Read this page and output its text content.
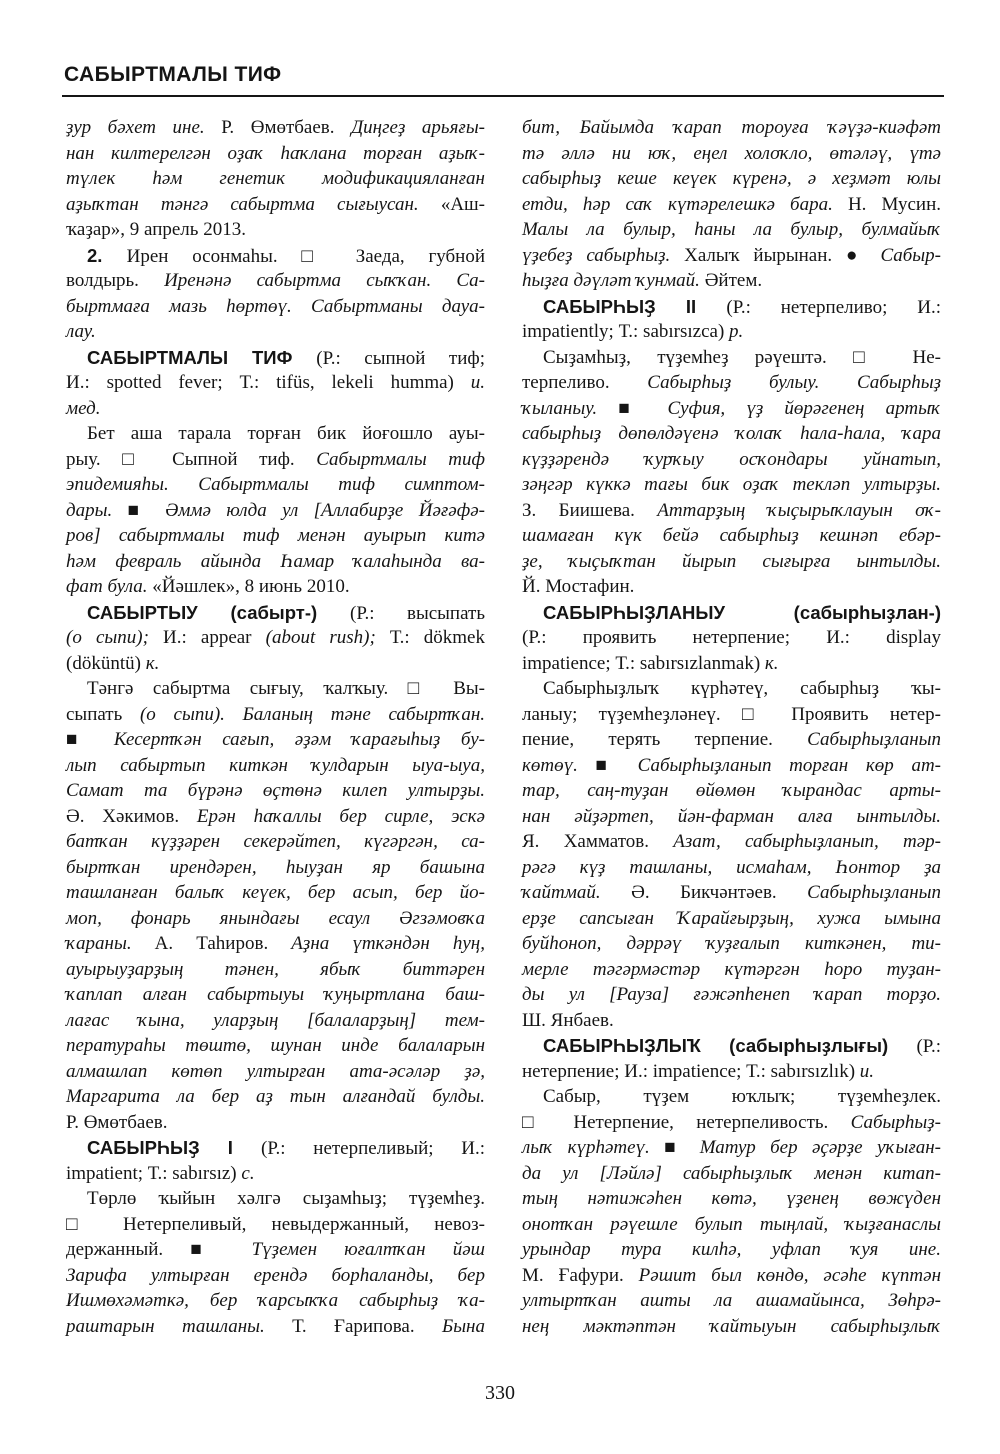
САБЫРТМАЛЫ ТИФ
ҙур бәхет ине. Р. Өмөтбаев. Диңгеҙ арьяғы-
нан килтерелгән оҙаҡ һаҡлана торған аҙыҡ-
түлек һәм генетик модификацияланған
аҙыҡтан тәнгә сабыртма сығыусан. «Аш-
ҡаҙар», 9 апрель 2013.
2. Ирен осонмаһы. □ Заеда, губной
волдырь. Иренәнә сабыртма сыҡҡан. Са-
быртмаға мазь һөртөү. Сабыртманы дауа-
лау.
САБЫРТМАЛЫ ТИФ (Р.: сыпной тиф;
И.: spotted fever; Т.: tifüs, lekeli humma) и.
мед.
Бет аша тарала торған бик йоғошло ауы-
рыу. □ Сыпной тиф. Сабыртмалы тиф
эпидемияһы. Сабыртмалы тиф симптом-
дары. ■ Әммә юлда ул [Аллабирҙе Йәғәфә-
ров] сабыртмалы тиф менән ауырып китә
һәм февраль айында Һамар ҡалаһында ва-
фат була. «Йәшлек», 8 июнь 2010.
САБЫРТЫУ (сабырт-) (Р.: высыпать
(о сыпи); И.: appear (about rush); Т.: dökmek
(döküntü) к.
Тәнгә сабыртма сығыу, ҡалҡыу. □ Вы-
сыпать (о сыпи). Баланың тәне сабыртҡан.
■ Кесертҡән сағып, әҙәм ҡарағыһыҙ бу-
лып сабыртып киткән ҡулдарын ыуа-ыуа,
Самат та бүрәнә өҫтөнә килеп ултырҙы.
Ә. Хәкимов. Ерән һаҡаллы бер сирле, эскә
батҡан күҙҙәрен секерәйтеп, күгәргән, са-
быртҡан ирендәрен, һыуҙан яр башына
ташланған балыҡ кеүек, бер асып, бер йо-
моп, фонарь янындағы есаул Әгзәмовҡа
ҡараны. А. Таһиров. Аҙна үткәндән һуң,
ауырыуҙарҙың тәнен, ябыҡ биттәрен
ҡаплап алған сабыртыуы ҡуңыртлана баш-
лағас ҡына, уларҙың [балаларҙың] тем-
ператураһы төштө, шунан инде балаларын
алмашлап көтөп ултырған ата-әсәләр ҙә,
Маргарита ла бер аҙ тын алғандай булды.
Р. Өмөтбаев.
САБЫРҺЫҘ I (Р.: нетерпеливый; И.:
impatient; Т.: sabırsız) с.
Төрлө ҡыйын хәлгә сыҙамһыҙ; түҙемһеҙ.
□ Нетерпеливый, невыдержанный, невоз-
держанный. ■ Түҙемен юғалтҡан йәш
Зарифа ултырған ерендә борһаланды, бер
Ишмөхәмәткә, бер ҡарсыҡҡа сабырһыҙ ҡа-
раштарын ташланы. Т. Ғарипова. Бына
бит, Байымда ҡарап тороуға ҡәүҙә-киәфәт
тә әллә ни юҡ, еңел холоҡло, өтәләү, үтә
сабырһыҙ кеше кеүек күренә, ә хеҙмәт юлы
етди, һәр саҡ күтәрелешкә бара. Н. Мусин.
Малы ла булыр, һаны ла булыр, булмайыҡ
үҙебеҙ сабырһыҙ. Халыҡ йырынан. ● Сабыр-
һыҙға дәүләт ҡунмай. Әйтем.
САБЫРҺЫҘ II (Р.: нетерпеливо; И.:
impatiently; Т.: sabırsızca) р.
Сыҙамһыҙ, түҙемһеҙ рәүештә. □ Не-
терпеливо. Сабырһыҙ булыу. Сабырһыҙ
ҡыланыу. ■ Суфия, үҙ йөрәгенең артыҡ
сабырһыҙ дөпөлдәүенә ҡолаҡ һала-һала, ҡара
күҙҙәрендә ҡурҡыу осҡондары уйнатып,
зәңгәр күккә тағы бик оҙаҡ текләп ултырҙы.
З. Биишева. Аттарҙың ҡыҫырыҡлауын оҡ-
шамаған күк бейә сабырһыҙ кешнәп ебәр-
ҙе, ҡыҫыҡтан йырып сығырға ынтылды.
Й. Мостафин.
САБЫРҺЫҘЛАНЫУ (сабырһыҙлан-)
(Р.: проявить нетерпение; И.: display
impatience; Т.: sabırsızlanmak) к.
Сабырһыҙлыҡ күрһәтеү, сабырһыҙ ҡы-
ланыу; түҙемһеҙләнеү. □ Проявить нетер-
пение, терять терпение. Сабырһыҙланып
көтөү. ■ Сабырһыҙланып торған көр ат-
тар, саң-туҙан өйөмөн ҡырандас арты-
нан әйҙәртеп, йән-фарман алға ынтылды.
Я. Хамматов. Азат, сабырһыҙланып, тәр-
рәгә күҙ ташланы, исмаһам, Һонтор ҙа
ҡайтмай. Ә. Бикчәнтәев. Сабырһыҙланып
ерҙе сапсыған Ҡарайғырҙың, хужа ымына
буйһоноп, дәррәү ҡуҙғалып киткәнен, ти-
мерле тәгәрмәстәр күтәргән һоро туҙан-
ды ул [Рауза] ғәжәпһенеп ҡарап торҙо.
Ш. Янбаев.
САБЫРҺЫҘЛЫҠ (сабырһыҙлығы) (Р.:
нетерпение; И.: impatience; Т.: sabırsızlık) и.
Сабыр, түҙем юҡлыҡ; түҙемһеҙлек.
□ Нетерпение, нетерпеливость. Сабырһыҙ-
лыҡ күрһәтеү. ■ Матур бер әҫәрҙе уҡыған-
да ул [Ләйлә] сабырһыҙлыҡ менән китап-
тың нәтижәһен көтә, үҙенең вөжүден
онотҡан рәүешле булып тыңлай, ҡыҙғанаслы
урындар тура килһә, уфлап ҡуя ине.
М. Ғафури. Рәшит был көндө, әсәһе күптән
ултыртҡан ашты ла ашамайынса, Зөһрә-
нең мәктәптән ҡайтыуын сабырһыҙлыҡ
330
